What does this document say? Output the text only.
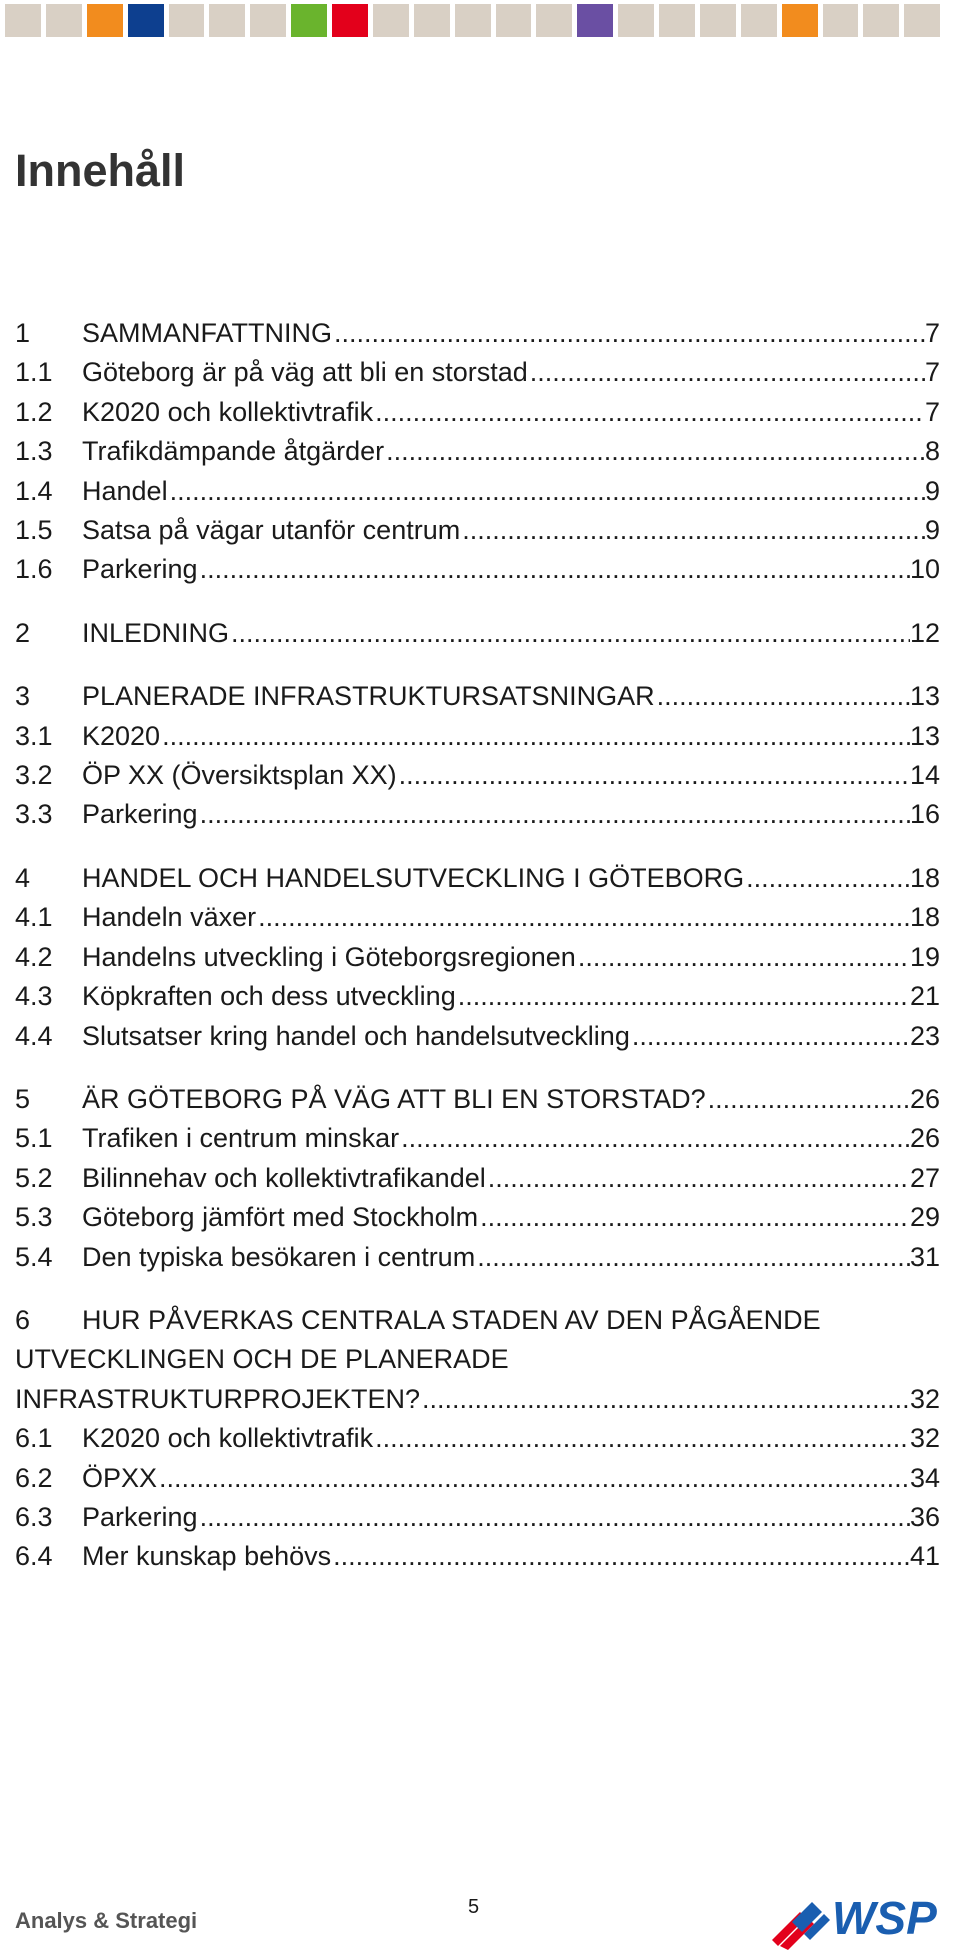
Innehåll
1	SAMMANFATTNING .....	7
1.1	Göteborg är på väg att bli en storstad .....	7
1.2	K2020 och kollektivtrafik .....	7
1.3	Trafikdämpande åtgärder .....	8
1.4	Handel .....	9
1.5	Satsa på vägar utanför centrum .....	9
1.6	Parkering .....	10
2	INLEDNING .....	12
3	PLANERADE INFRASTRUKTURSATSNINGAR .....	13
3.1	K2020 .....	13
3.2	ÖP XX (Översiktsplan XX) .....	14
3.3	Parkering .....	16
4	HANDEL OCH HANDELSUTVECKLING I GÖTEBORG .....	18
4.1	Handeln växer .....	18
4.2	Handelns utveckling i Göteborgsregionen .....	19
4.3	Köpkraften och dess utveckling .....	21
4.4	Slutsatser kring handel och handelsutveckling .....	23
5	ÄR GÖTEBORG PÅ VÄG ATT BLI EN STORSTAD? .....	26
5.1	Trafiken i centrum minskar .....	26
5.2	Bilinnehav och kollektivtrafikandel .....	27
5.3	Göteborg jämfört med Stockholm .....	29
5.4	Den typiska besökaren i centrum .....	31
6	HUR PÅVERKAS CENTRALA STADEN AV DEN PÅGÅENDE
UTVECKLINGEN OCH DE PLANERADE
INFRASTRUKTURPROJEKTEN? .....	32
6.1	K2020 och kollektivtrafik .....	32
6.2	ÖPXX .....	34
6.3	Parkering .....	36
6.4	Mer kunskap behövs .....	41
Analys & Strategi
5	WSP
